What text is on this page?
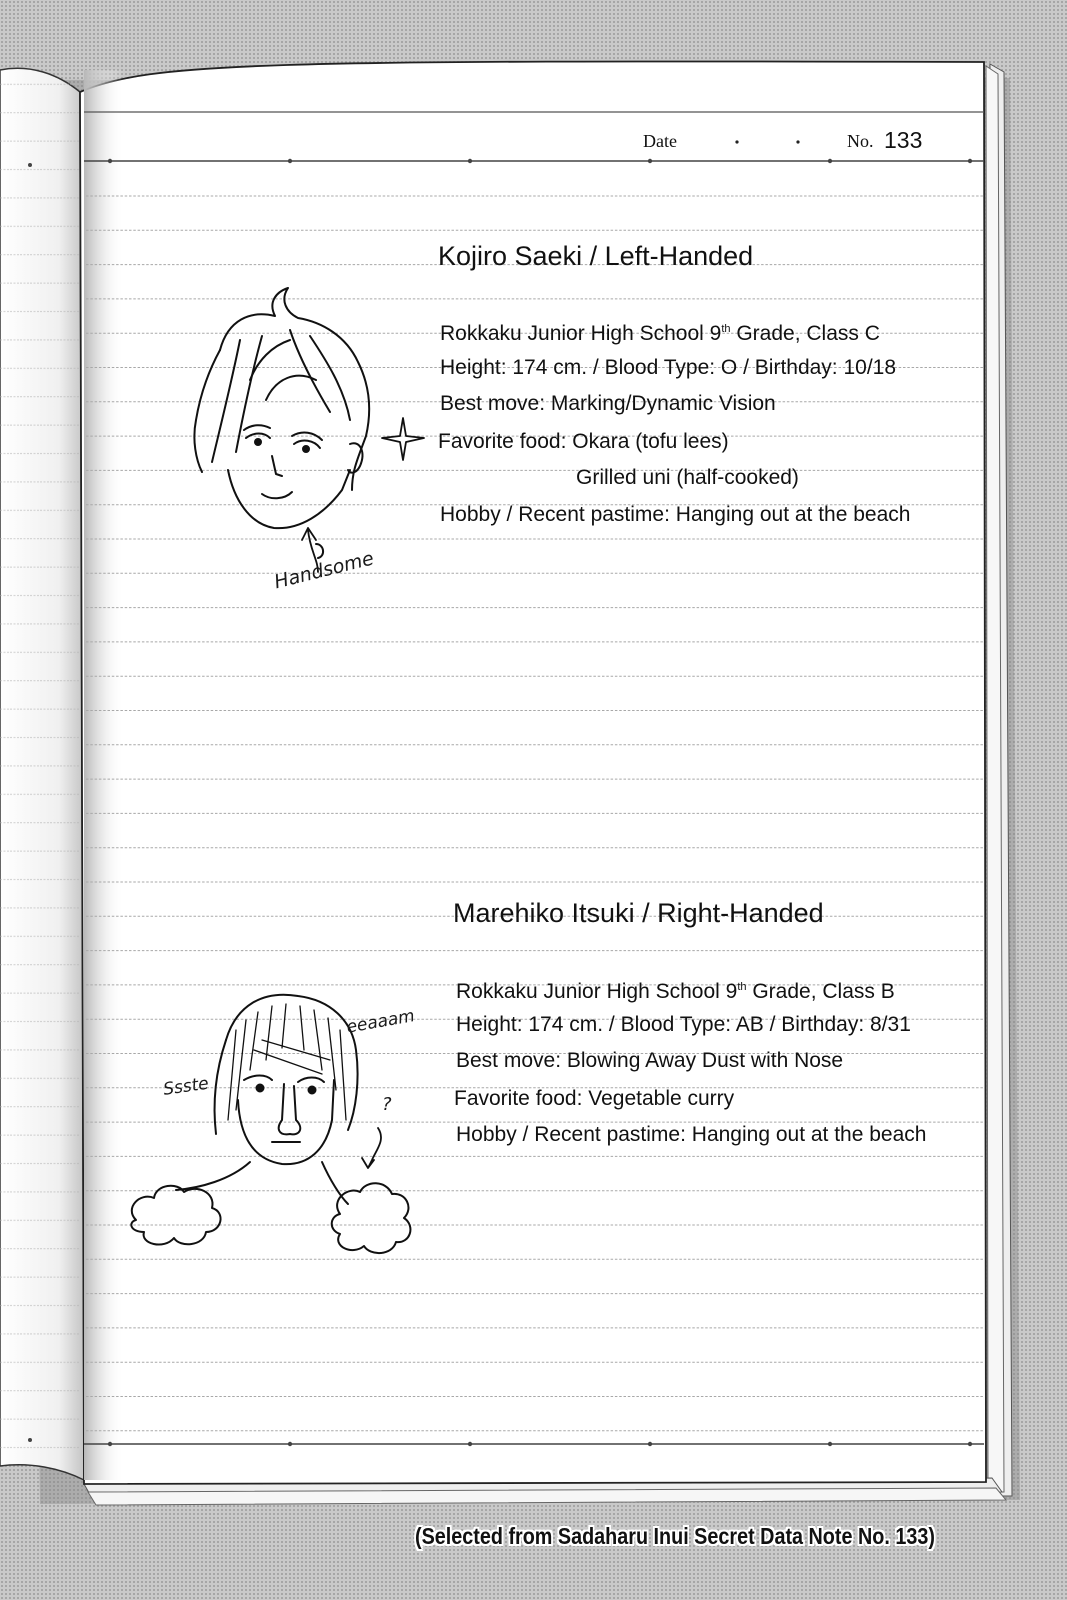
Date	No. 133
Kojiro Saeki / Left-Handed
Rokkaku Junior High School 9th Grade, Class C
Height: 174 cm. / Blood Type: O / Birthday: 10/18
Best move: Marking/Dynamic Vision
Favorite food: Okara (tofu lees)
Grilled uni (half-cooked)
Hobby / Recent pastime: Hanging out at the beach
Handsome
Marehiko Itsuki / Right-Handed
Rokkaku Junior High School 9th Grade, Class B
Height: 174 cm. / Blood Type: AB / Birthday: 8/31
Best move: Blowing Away Dust with Nose
Favorite food: Vegetable curry
Hobby / Recent pastime: Hanging out at the beach
Ssste
eeaaam
?
(Selected from Sadaharu Inui Secret Data Note No. 133)
